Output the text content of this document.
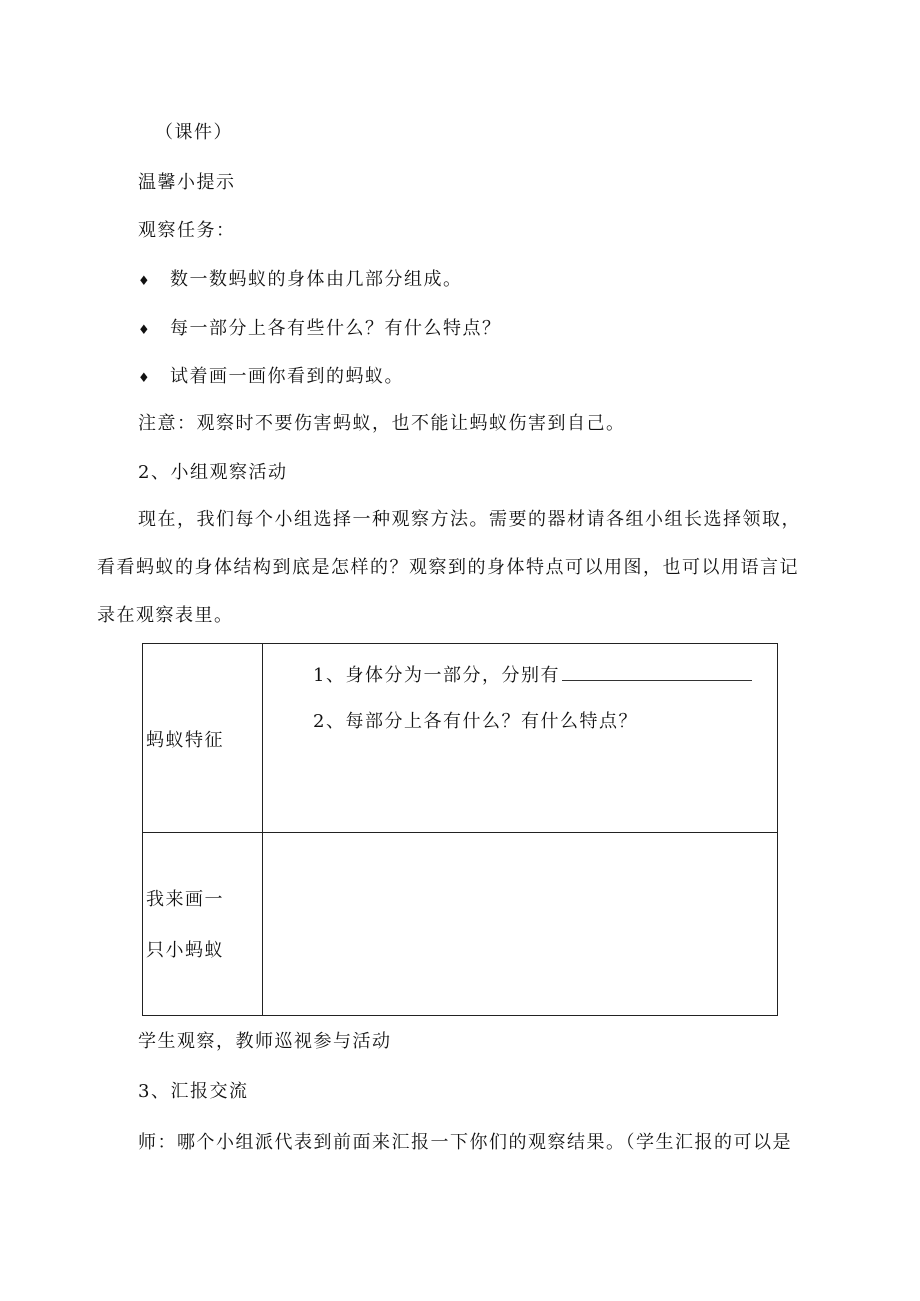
（课件）
温馨小提示
观察任务：
♦ 数一数蚂蚁的身体由几部分组成。
♦ 每一部分上各有些什么？有什么特点？
♦ 试着画一画你看到的蚂蚁。
注意：观察时不要伤害蚂蚁，也不能让蚂蚁伤害到自己。
2、小组观察活动
现在，我们每个小组选择一种观察方法。需要的器材请各组小组长选择领取，
看看蚂蚁的身体结构到底是怎样的？观察到的身体特点可以用图，也可以用语言记
录在观察表里。
蚂蚁特征
1、身体分为一部分，分别有
2、每部分上各有什么？有什么特点？
我来画一
只小蚂蚁
学生观察，教师巡视参与活动
3、汇报交流
师：哪个小组派代表到前面来汇报一下你们的观察结果。（学生汇报的可以是
